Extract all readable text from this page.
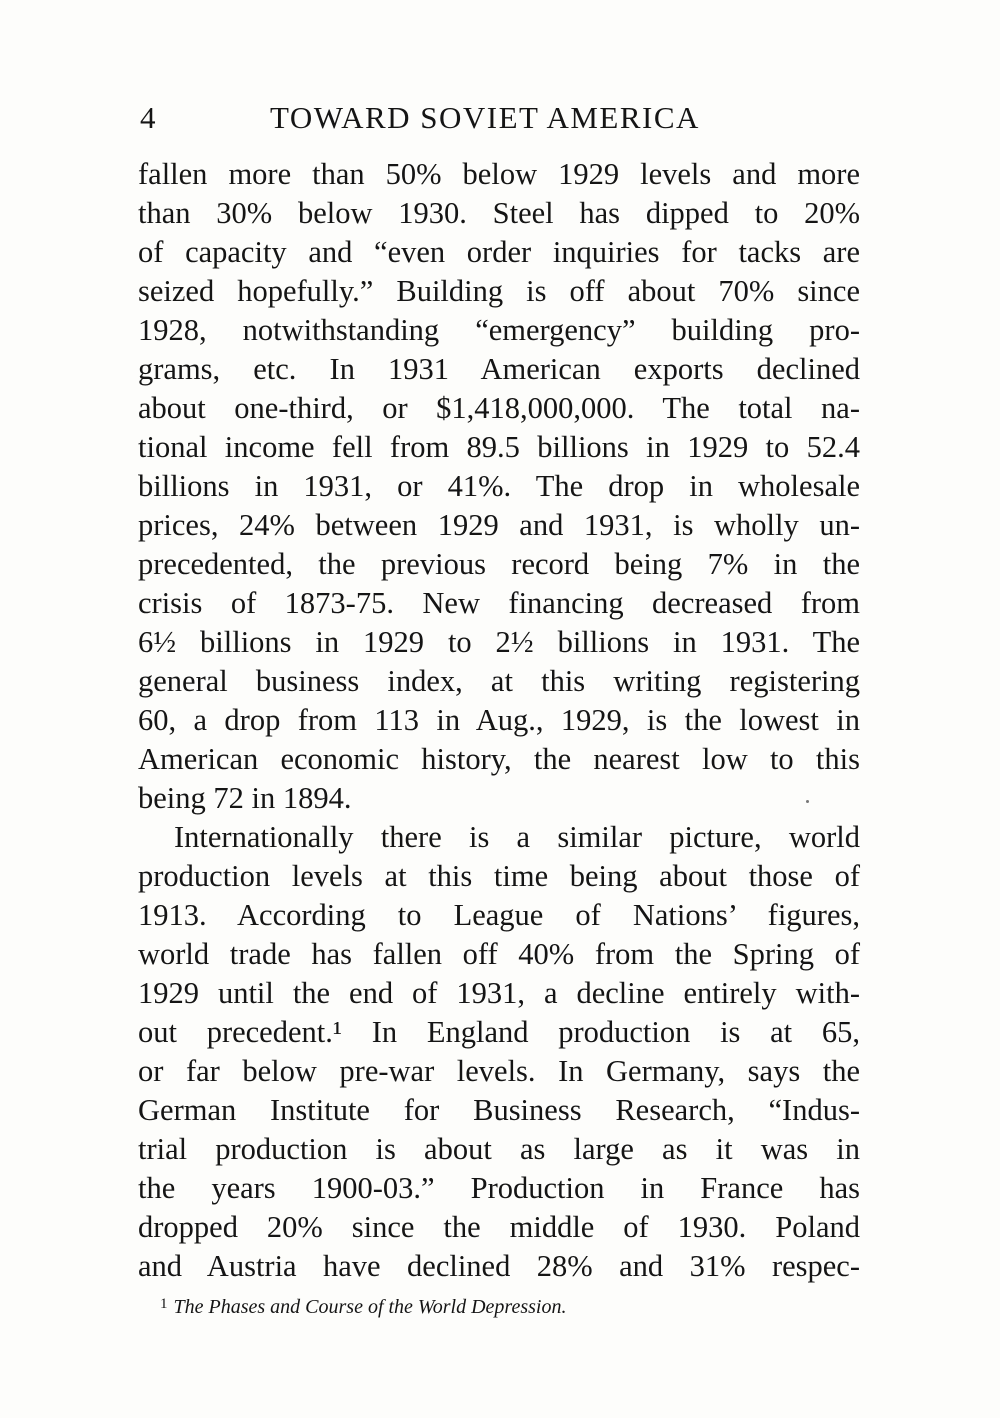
4	TOWARD SOVIET AMERICA
fallen more than 50% below 1929 levels and more
than 30% below 1930. Steel has dipped to 20%
of capacity and “even order inquiries for tacks are
seized hopefully.” Building is off about 70% since
1928, notwithstanding “emergency” building pro-
grams, etc. In 1931 American exports declined
about one-third, or $1,418,000,000. The total na-
tional income fell from 89.5 billions in 1929 to 52.4
billions in 1931, or 41%. The drop in wholesale
prices, 24% between 1929 and 1931, is wholly un-
precedented, the previous record being 7% in the
crisis of 1873-75. New financing decreased from
6½ billions in 1929 to 2½ billions in 1931. The
general business index, at this writing registering
60, a drop from 113 in Aug., 1929, is the lowest in
American economic history, the nearest low to this
being 72 in 1894.
Internationally there is a similar picture, world
production levels at this time being about those of
1913. According to League of Nations’ figures,
world trade has fallen off 40% from the Spring of
1929 until the end of 1931, a decline entirely with-
out precedent.¹ In England production is at 65,
or far below pre-war levels. In Germany, says the
German Institute for Business Research, “Indus-
trial production is about as large as it was in
the years 1900-03.” Production in France has
dropped 20% since the middle of 1930. Poland
and Austria have declined 28% and 31% respec-
$^1$ The Phases and Course of the World Depression.
